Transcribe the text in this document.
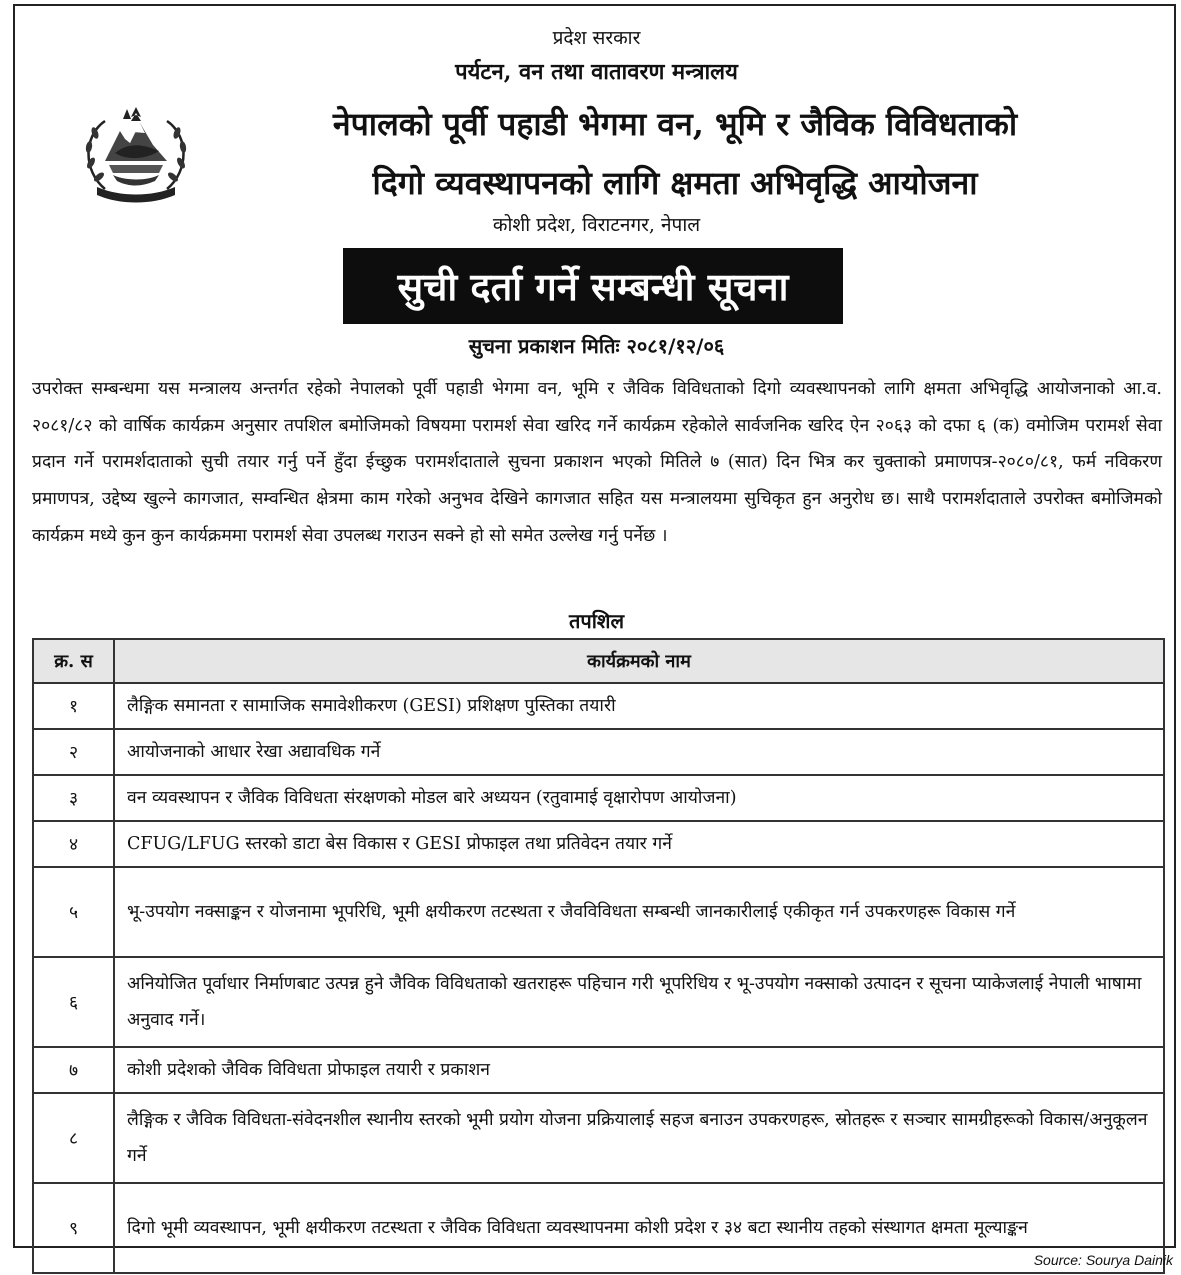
प्रदेश सरकार
पर्यटन, वन तथा वातावरण मन्त्रालय
नेपालको पूर्वी पहाडी भेगमा वन, भूमि र जैविक विविधताको
दिगो व्यवस्थापनको लागि क्षमता अभिवृद्धि आयोजना
कोशी प्रदेश, विराटनगर, नेपाल
सुची दर्ता गर्ने सम्बन्धी सूचना
सुचना प्रकाशन मितिः २०८१/१२/०६
उपरोक्त सम्बन्धमा यस मन्त्रालय अन्तर्गत रहेको नेपालको पूर्वी पहाडी भेगमा वन, भूमि र जैविक विविधताको दिगो व्यवस्थापनको लागि क्षमता अभिवृद्धि आयोजनाको आ.व. २०८१/८२ को वार्षिक कार्यक्रम अनुसार तपशिल बमोजिमको विषयमा परामर्श सेवा खरिद गर्ने कार्यक्रम रहेकोले सार्वजनिक खरिद ऐन २०६३ को दफा ६ (क) वमोजिम परामर्श सेवा प्रदान गर्ने परामर्शदाताको सुची तयार गर्नु पर्ने हुँदा ईच्छुक परामर्शदाताले सुचना प्रकाशन भएको मितिले ७ (सात) दिन भित्र कर चुक्ताको प्रमाणपत्र-२०८०/८१, फर्म नविकरण प्रमाणपत्र, उद्देष्य खुल्ने कागजात, सम्वन्धित क्षेत्रमा काम गरेको अनुभव देखिने कागजात सहित यस मन्त्रालयमा सुचिकृत हुन अनुरोध छ। साथै परामर्शदाताले उपरोक्त बमोजिमको कार्यक्रम मध्ये कुन कुन कार्यक्रममा परामर्श सेवा उपलब्ध गराउन सक्ने हो सो समेत उल्लेख गर्नु पर्नेछ ।
तपशिल
क्र. स	कार्यक्रमको नाम
१	लैङ्गिक समानता र सामाजिक समावेशीकरण (GESI) प्रशिक्षण पुस्तिका तयारी
२	आयोजनाको आधार रेखा अद्यावधिक गर्ने
३	वन व्यवस्थापन र जैविक विविधता संरक्षणको मोडल बारे अध्ययन (रतुवामाई वृक्षारोपण आयोजना)
४	CFUG/LFUG स्तरको डाटा बेस विकास र GESI प्रोफाइल तथा प्रतिवेदन तयार गर्ने
५	भू-उपयोग नक्साङ्कन र योजनामा भूपरिधि, भूमी क्षयीकरण तटस्थता र जैवविविधता सम्बन्धी जानकारीलाई एकीकृत गर्न उपकरणहरू विकास गर्ने
६	अनियोजित पूर्वाधार निर्माणबाट उत्पन्न हुने जैविक विविधताको खतराहरू पहिचान गरी भूपरिधिय र भू-उपयोग नक्साको उत्पादन र सूचना प्याकेजलाई नेपाली भाषामा अनुवाद गर्ने।
७	कोशी प्रदेशको जैविक विविधता प्रोफाइल तयारी र प्रकाशन
८	लैङ्गिक र जैविक विविधता-संवेदनशील स्थानीय स्तरको भूमी प्रयोग योजना प्रक्रियालाई सहज बनाउन उपकरणहरू, स्रोतहरू र सञ्चार सामग्रीहरूको विकास/अनुकूलन गर्ने
९	दिगो भूमी व्यवस्थापन, भूमी क्षयीकरण तटस्थता र जैविक विविधता व्यवस्थापनमा कोशी प्रदेश र ३४ बटा स्थानीय तहको संस्थागत क्षमता मूल्याङ्कन
Source: Sourya Dainik
